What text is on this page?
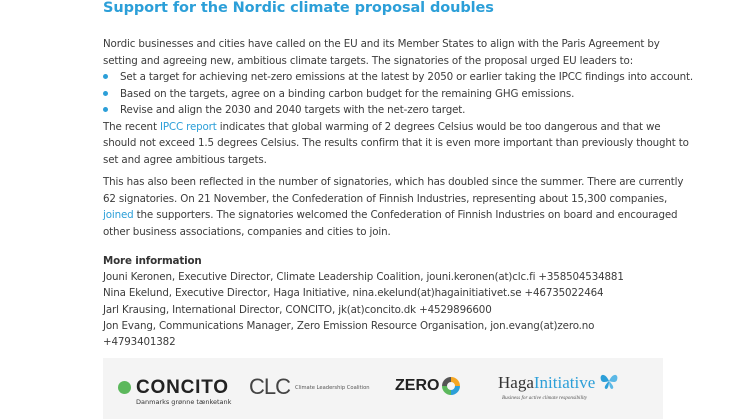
Support for the Nordic climate proposal doubles

Nordic businesses and cities have called on the EU and its Member States to align with the Paris Agreement by

setting and agreeing new, ambitious climate targets. The signatories of the proposal urged EU leaders to:

Set a target for achieving net-zero emissions at the latest by 2050 or earlier taking the IPCC findings into account.
Based on the targets, agree on a binding carbon budget for the remaining GHG emissions.
Revise and align the 2030 and 2040 targets with the net-zero target.

The recent IPCC report indicates that global warming of 2 degrees Celsius would be too dangerous and that we

should not exceed 1.5 degrees Celsius. The results confirm that it is even more important than previously thought to

set and agree ambitious targets.

This has also been reflected in the number of signatories, which has doubled since the summer. There are currently

62 signatories. On 21 November, the Confederation of Finnish Industries, representing about 15,300 companies,

joined the supporters. The signatories welcomed the Confederation of Finnish Industries on board and encouraged

other business associations, companies and cities to join.

More information
Jouni Keronen, Executive Director, Climate Leadership Coalition, jouni.keronen(at)clc.fi +358504534881
Nina Ekelund, Executive Director, Haga Initiative, nina.ekelund(at)hagainitiativet.se +46735022464
Jarl Krausing, International Director, CONCITO, jk(at)concito.dk +4529896600
Jon Evang, Communications Manager, Zero Emission Resource Organisation, jon.evang(at)zero.no
+4793401382
CONCITO
Danmarks grønne tænketank
CLC Climate Leadership Coalition ZERO	HagaInitiative
Business for active climate responsibility
